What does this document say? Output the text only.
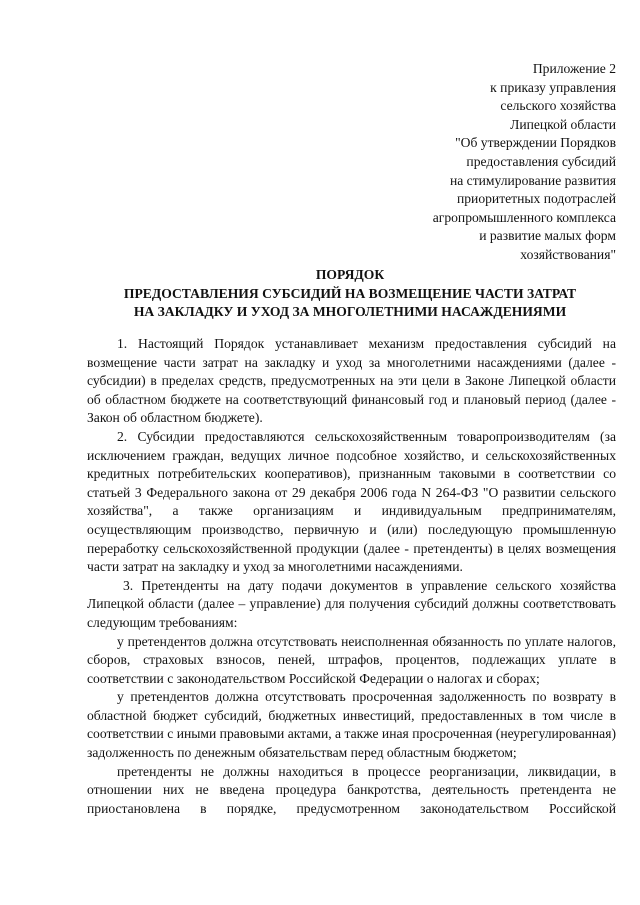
Приложение 2
к приказу управления
сельского хозяйства
Липецкой области
"Об утверждении Порядков
предоставления субсидий
на стимулирование развития
приоритетных подотраслей
агропромышленного комплекса
и развитие малых форм
хозяйствования"
ПОРЯДОК
ПРЕДОСТАВЛЕНИЯ СУБСИДИЙ НА ВОЗМЕЩЕНИЕ ЧАСТИ ЗАТРАТ
НА ЗАКЛАДКУ И УХОД ЗА МНОГОЛЕТНИМИ НАСАЖДЕНИЯМИ

1. Настоящий Порядок устанавливает механизм предоставления субсидий на возмещение части затрат на закладку и уход за многолетними насаждениями (далее - субсидии) в пределах средств, предусмотренных на эти цели в Законе Липецкой области об областном бюджете на соответствующий финансовый год и плановый период (далее - Закон об областном бюджете).

2. Субсидии предоставляются сельскохозяйственным товаропроизводителям (за исключением граждан, ведущих личное подсобное хозяйство, и сельскохозяйственных кредитных потребительских кооперативов), признанным таковыми в соответствии со статьей 3 Федерального закона от 29 декабря 2006 года N 264-ФЗ "О развитии сельского хозяйства", а также организациям и индивидуальным предпринимателям, осуществляющим производство, первичную и (или) последующую промышленную переработку сельскохозяйственной продукции (далее - претенденты) в целях возмещения части затрат на закладку и уход за многолетними насаждениями.

3. Претенденты на дату подачи документов в управление сельского хозяйства Липецкой области (далее – управление) для получения субсидий должны соответствовать следующим требованиям:

у претендентов должна отсутствовать неисполненная обязанность по уплате налогов, сборов, страховых взносов, пеней, штрафов, процентов, подлежащих уплате в соответствии с законодательством Российской Федерации о налогах и сборах;

у претендентов должна отсутствовать просроченная задолженность по возврату в областной бюджет субсидий, бюджетных инвестиций, предоставленных в том числе в соответствии с иными правовыми актами, а также иная просроченная (неурегулированная) задолженность по денежным обязательствам перед областным бюджетом;

претенденты не должны находиться в процессе реорганизации, ликвидации, в отношении них не введена процедура банкротства, деятельность претендента не приостановлена в порядке, предусмотренном законодательством Российской
